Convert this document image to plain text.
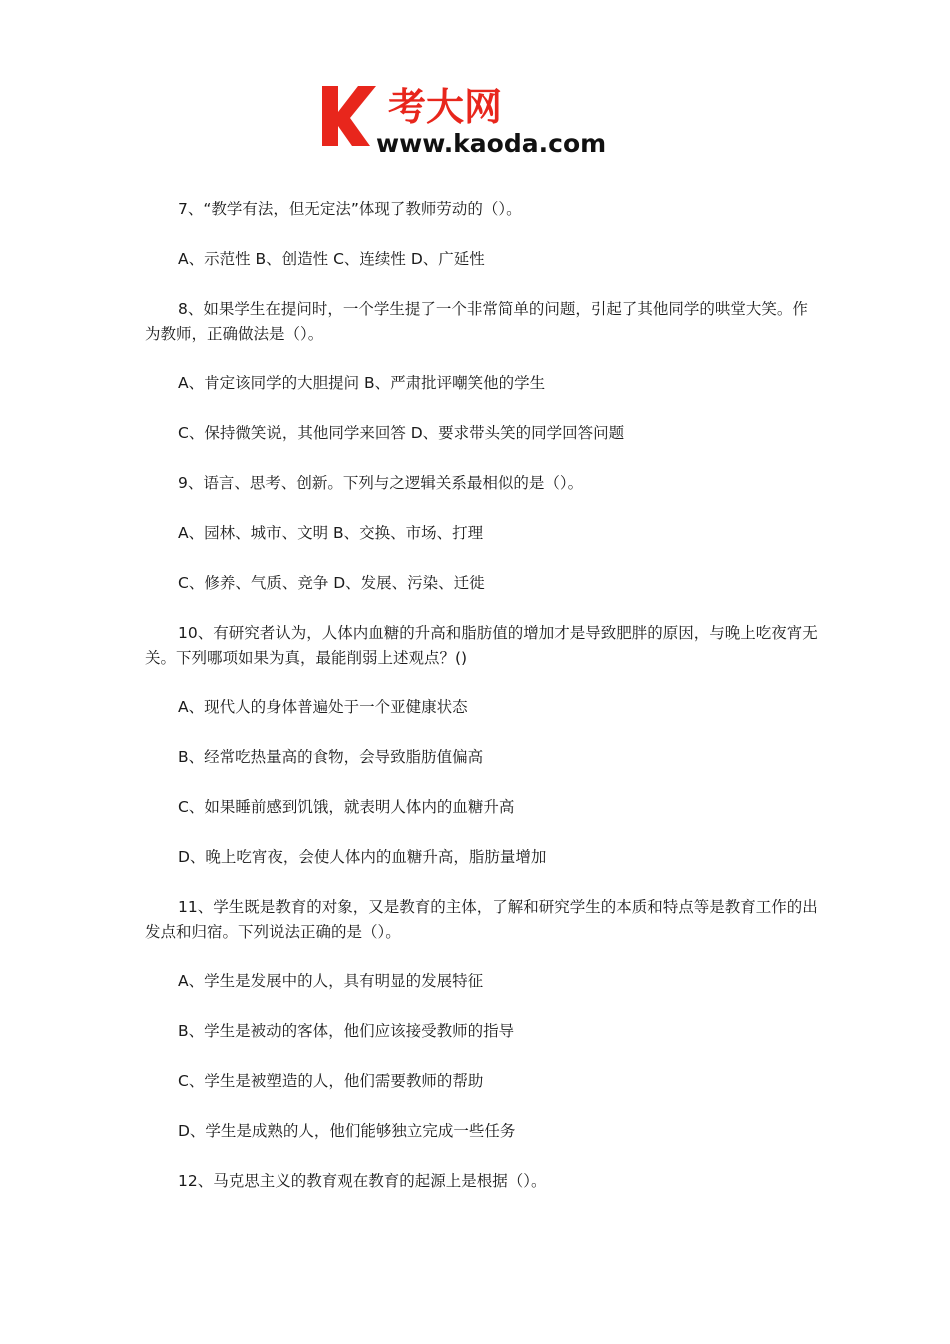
考大网
www.kaoda.com

7、“教学有法，但无定法”体现了教师劳动的（）。

A、示范性 B、创造性 C、连续性 D、广延性

8、如果学生在提问时，一个学生提了一个非常简单的问题，引起了其他同学的哄堂大笑。作为教师，正确做法是（）。

A、肯定该同学的大胆提问 B、严肃批评嘲笑他的学生

C、保持微笑说，其他同学来回答 D、要求带头笑的同学回答问题

9、语言、思考、创新。下列与之逻辑关系最相似的是（）。

A、园林、城市、文明 B、交换、市场、打理

C、修养、气质、竞争 D、发展、污染、迁徙

10、有研究者认为，人体内血糖的升高和脂肪值的增加才是导致肥胖的原因，与晚上吃夜宵无关。下列哪项如果为真，最能削弱上述观点？()

A、现代人的身体普遍处于一个亚健康状态

B、经常吃热量高的食物，会导致脂肪值偏高

C、如果睡前感到饥饿，就表明人体内的血糖升高

D、晚上吃宵夜，会使人体内的血糖升高，脂肪量增加

11、学生既是教育的对象，又是教育的主体，了解和研究学生的本质和特点等是教育工作的出发点和归宿。下列说法正确的是（）。

A、学生是发展中的人，具有明显的发展特征

B、学生是被动的客体，他们应该接受教师的指导

C、学生是被塑造的人，他们需要教师的帮助

D、学生是成熟的人，他们能够独立完成一些任务

12、马克思主义的教育观在教育的起源上是根据（）。
